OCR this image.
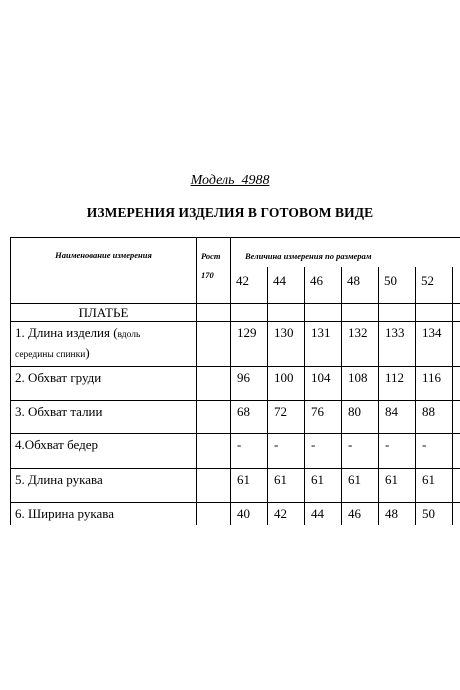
Модель 4988
ИЗМЕРЕНИЯ ИЗДЕЛИЯ В ГОТОВОМ ВИДЕ
Наименование измерения	Рост
170	Величина измерения по размерам						
		42	44	46	48	50	52	
ПЛАТЬЕ								
1. Длина изделия (вдоль
середины спинки)		129	130	131	132	133	134	
2. Обхват груди		96	100	104	108	112	116	
3. Обхват талии		68	72	76	80	84	88	
4.Обхват бедер		-	-	-	-	-	-	
5. Длина рукава		61	61	61	61	61	61	
6. Ширина рукава		40	42	44	46	48	50	
